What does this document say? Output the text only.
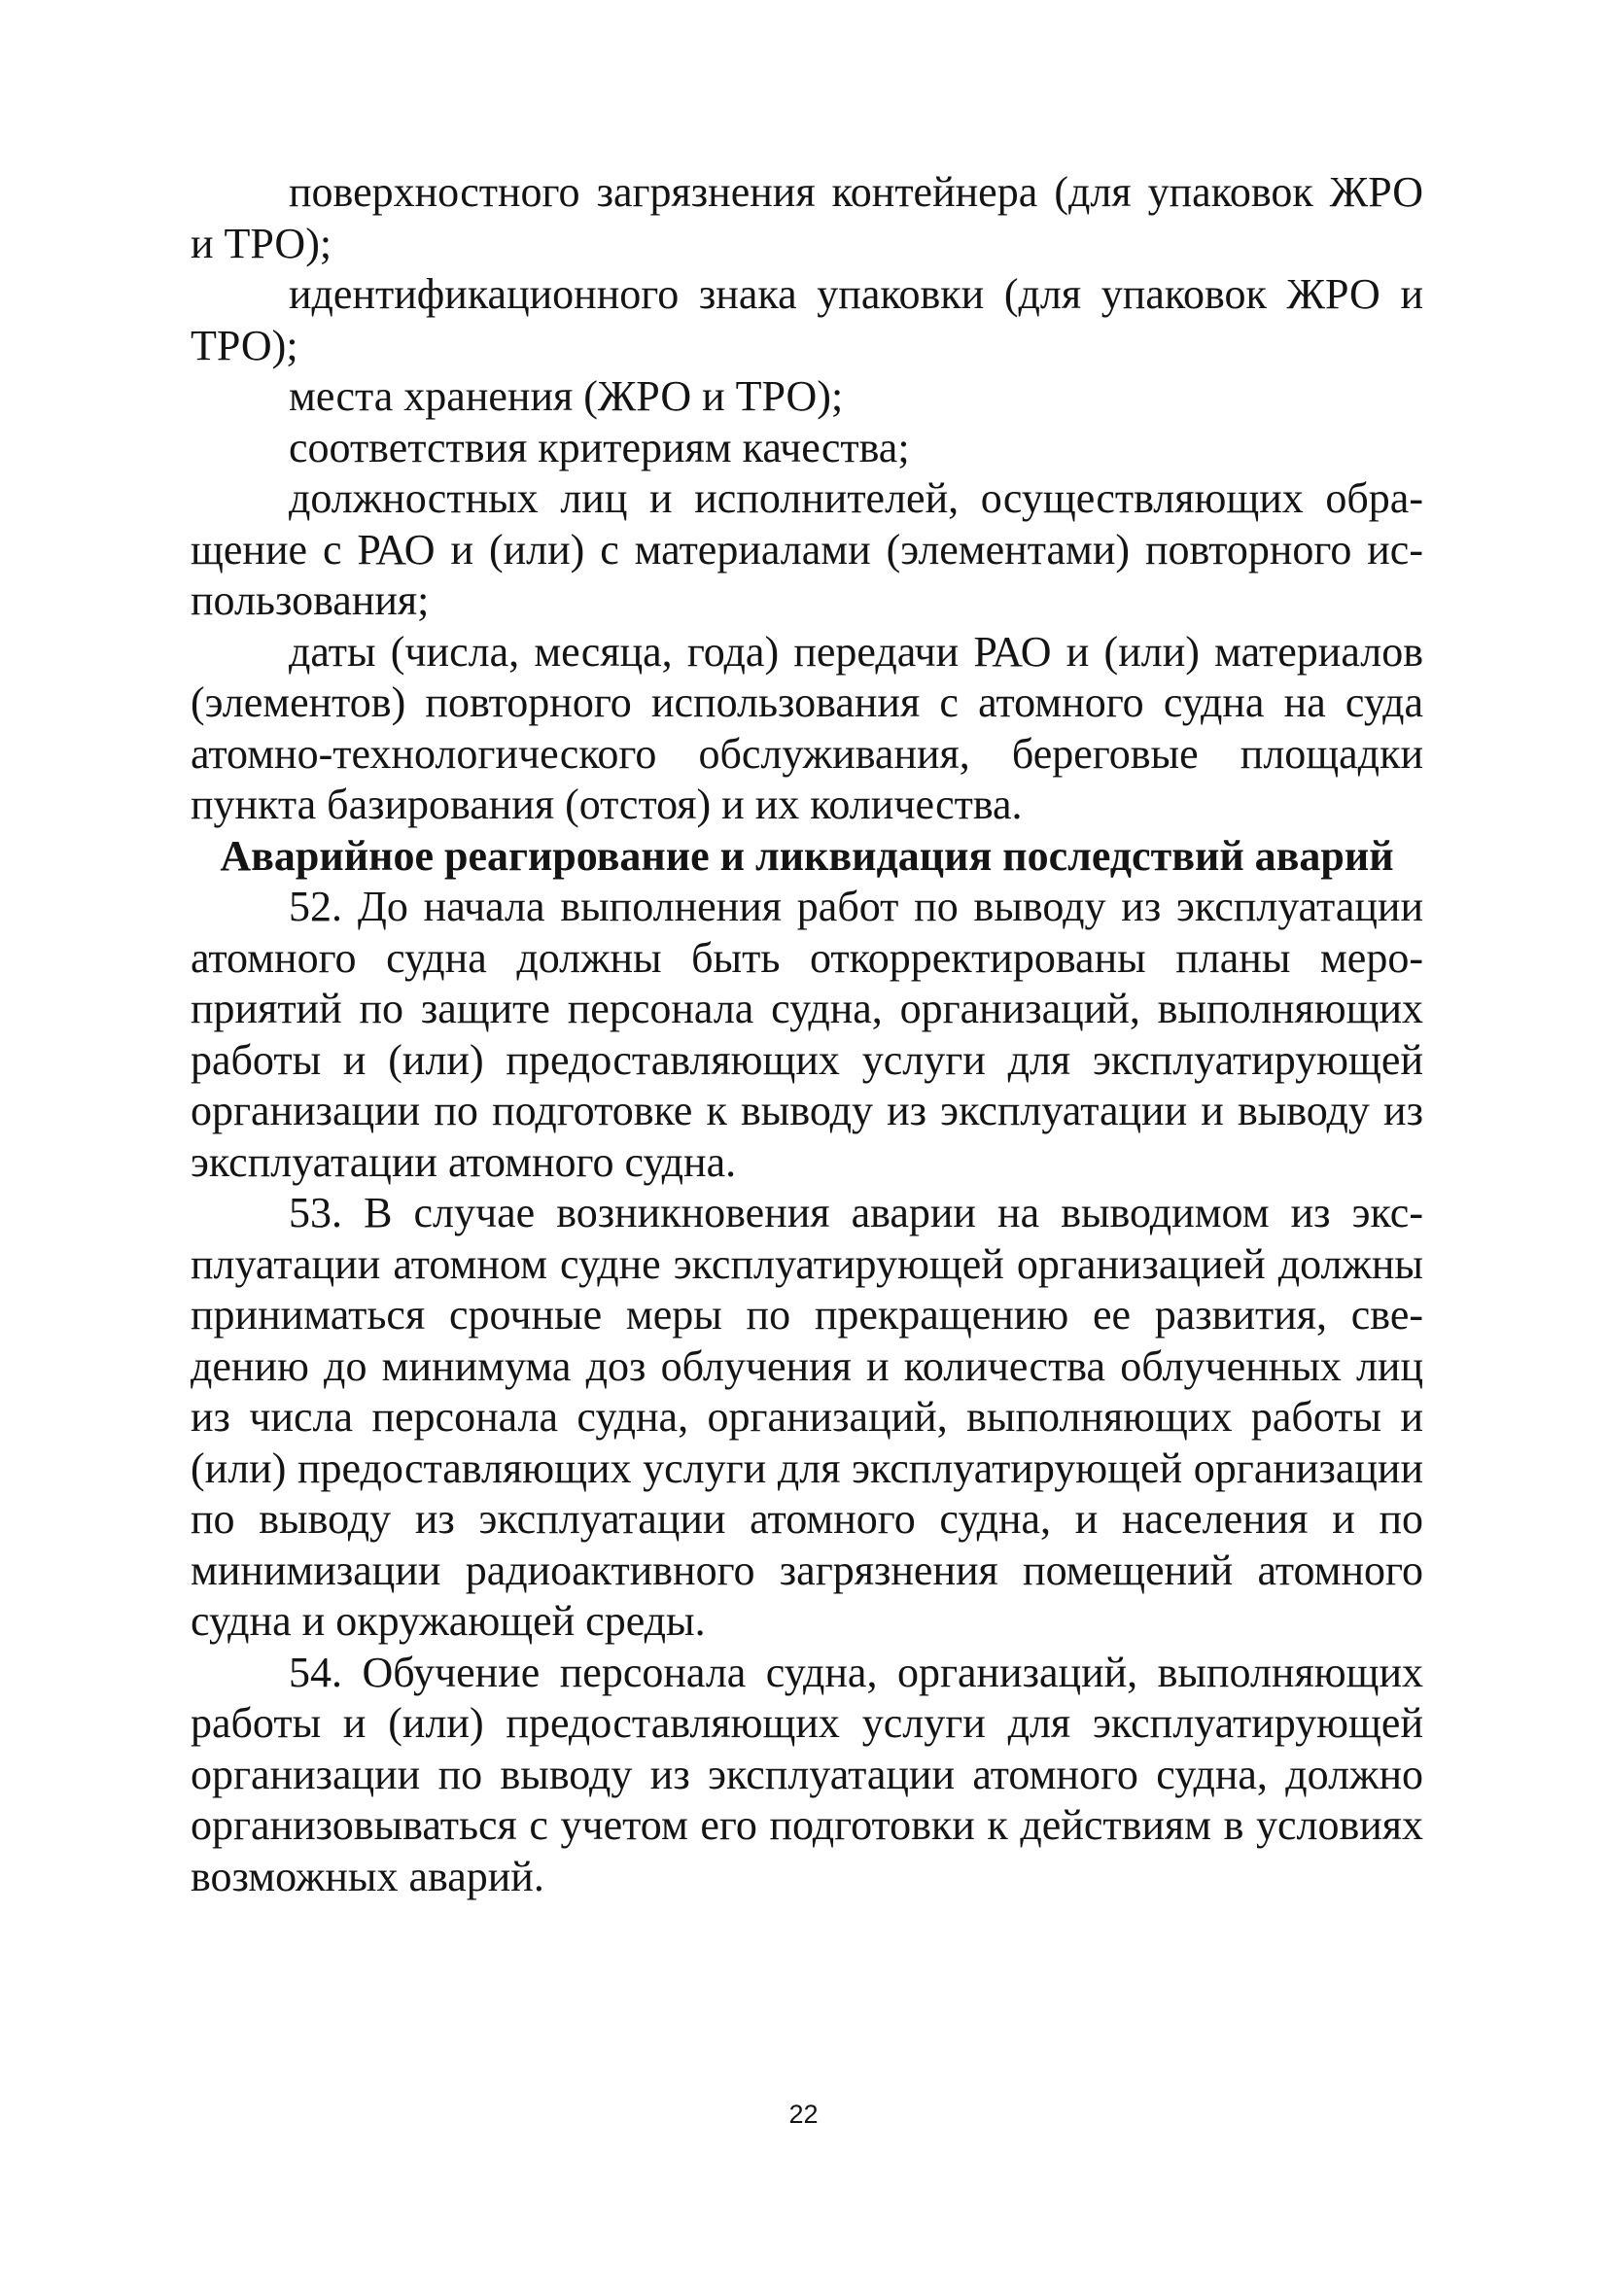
поверхностного загрязнения контейнера (для упаковок ЖРО и ТРО);

идентификационного знака упаковки (для упаковок ЖРО и ТРО);

места хранения (ЖРО и ТРО);

соответствия критериям качества;

должностных лиц и исполнителей, осуществляющих обращение с РАО и (или) с материалами (элементами) повторного использования;

даты (числа, месяца, года) передачи РАО и (или) материалов (элементов) повторного использования с атомного судна на суда атомно-технологического обслуживания, береговые площадки пункта базирования (отстоя) и их количества.

Аварийное реагирование и ликвидация последствий аварий

52. До начала выполнения работ по выводу из эксплуатации атомного судна должны быть откорректированы планы мероприятий по защите персонала судна, организаций, выполняющих работы и (или) предоставляющих услуги для эксплуатирующей организации по подготовке к выводу из эксплуатации и выводу из эксплуатации атомного судна.

53. В случае возникновения аварии на выводимом из эксплуатации атомном судне эксплуатирующей организацией должны приниматься срочные меры по прекращению ее развития, сведению до минимума доз облучения и количества облученных лиц из числа персонала судна, организаций, выполняющих работы и (или) предоставляющих услуги для эксплуатирующей организации по выводу из эксплуатации атомного судна, и населения и по минимизации радиоактивного загрязнения помещений атомного судна и окружающей среды.

54. Обучение персонала судна, организаций, выполняющих работы и (или) предоставляющих услуги для эксплуатирующей организации по выводу из эксплуатации атомного судна, должно организовываться с учетом его подготовки к действиям в условиях возможных аварий.

22
